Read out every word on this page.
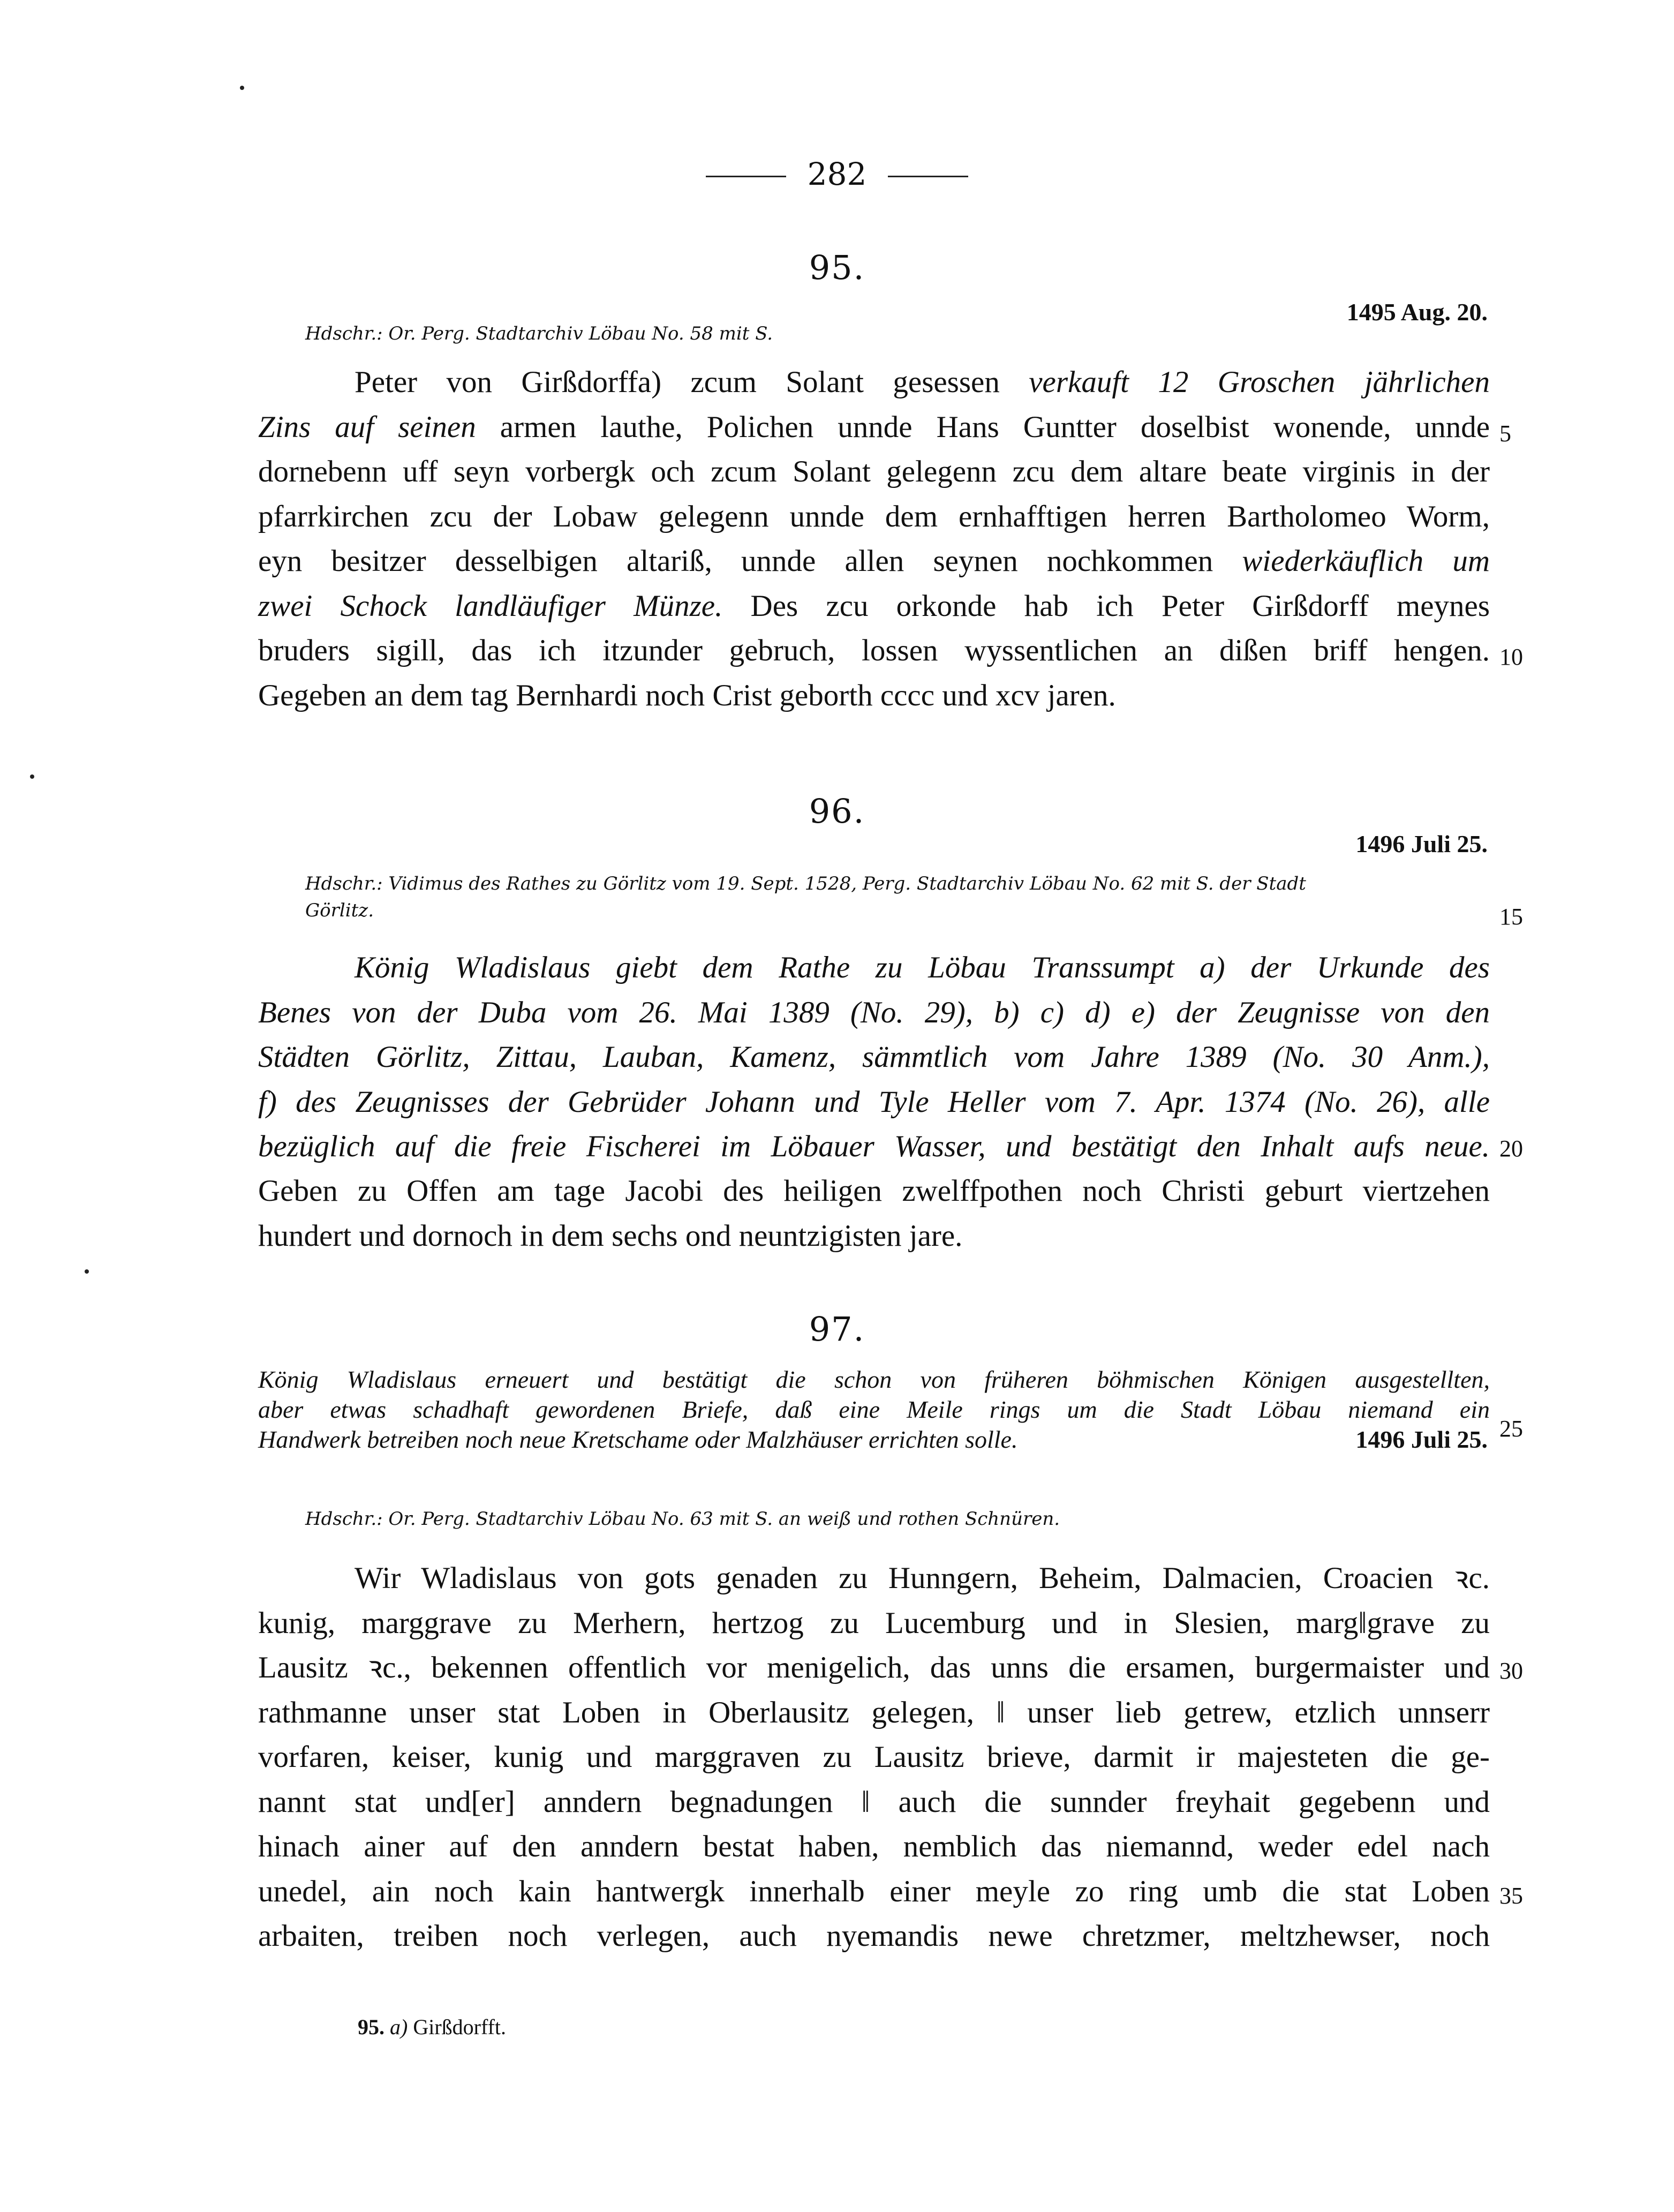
282
95.
1495 Aug. 20.
Hdschr.: Or. Perg. Stadtarchiv Löbau No. 58 mit S.

Peter von Girßdorffa) zcum Solant gesessen verkauft 12 Groschen jährlichen

Zins auf seinen armen lauthe, Polichen unnde Hans Guntter doselbist wonende, unnde

dornebenn uff seyn vorbergk och zcum Solant gelegenn zcu dem altare beate virginis in der

pfarrkirchen zcu der Lobaw gelegenn unnde dem ernhafftigen herren Bartholomeo Worm,

eyn besitzer desselbigen altariß, unnde allen seynen nochkommen wiederkäuflich um

zwei Schock landläufiger Münze. Des zcu orkonde hab ich Peter Girßdorff meynes

bruders sigill, das ich itzunder gebruch, lossen wyssentlichen an dißen briff hengen.

Gegeben an dem tag Bernhardi noch Crist geborth cccc und xcv jaren.

96.
1496 Juli 25.
Hdschr.: Vidimus des Rathes zu Görlitz vom 19. Sept. 1528, Perg. Stadtarchiv Löbau No. 62 mit S. der Stadt
Görlitz.

König Wladislaus giebt dem Rathe zu Löbau Transsumpt a) der Urkunde des

Benes von der Duba vom 26. Mai 1389 (No. 29), b) c) d) e) der Zeugnisse von den

Städten Görlitz, Zittau, Lauban, Kamenz, sämmtlich vom Jahre 1389 (No. 30 Anm.),

f) des Zeugnisses der Gebrüder Johann und Tyle Heller vom 7. Apr. 1374 (No. 26), alle

bezüglich auf die freie Fischerei im Löbauer Wasser, und bestätigt den Inhalt aufs neue.

Geben zu Offen am tage Jacobi des heiligen zwelffpothen noch Christi geburt viertzehen

hundert und dornoch in dem sechs ond neuntzigisten jare.

97.

König Wladislaus erneuert und bestätigt die schon von früheren böhmischen Königen ausgestellten,

aber etwas schadhaft gewordenen Briefe, daß eine Meile rings um die Stadt Löbau niemand ein

Handwerk betreiben noch neue Kretschame oder Malzhäuser errichten solle.	1496 Juli 25.
Hdschr.: Or. Perg. Stadtarchiv Löbau No. 63 mit S. an weiß und rothen Schnüren.

Wir Wladislaus von gots genaden zu Hunngern, Beheim, Dalmacien, Croacien ꝛc.

kunig, marggrave zu Merhern, hertzog zu Lucemburg und in Slesien, marg‖grave zu

Lausitz ꝛc., bekennen offentlich vor menigelich, das unns die ersamen, burgermaister und

rathmanne unser stat Loben in Oberlausitz gelegen, ‖ unser lieb getrew, etzlich unnserr

vorfaren, keiser, kunig und marggraven zu Lausitz brieve, darmit ir majesteten die ge-

nannt stat und[er] anndern begnadungen ‖ auch die sunnder freyhait gegebenn und

hinach ainer auf den anndern bestat haben, nemblich das niemannd, weder edel nach

unedel, ain noch kain hantwergk innerhalb einer meyle zo ring umb die stat Loben

arbaiten, treiben noch verlegen, auch nyemandis newe chretzmer, meltzhewser, noch

5
10
15
20
25
30
35
95. a) Girßdorfft.
